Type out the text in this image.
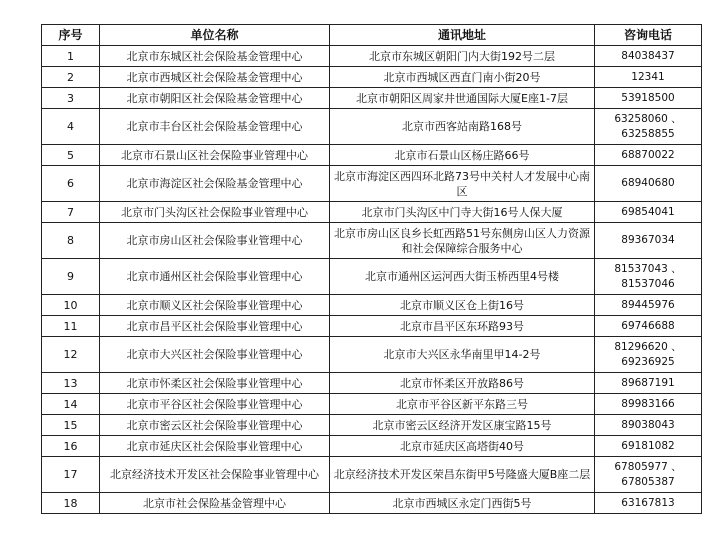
序号	单位名称	通讯地址	咨询电话
1	北京市东城区社会保险基金管理中心	北京市东城区朝阳门内大街192号二层	84038437

2	北京市西城区社会保险基金管理中心	北京市西城区西直门南小街20号	12341

3	北京市朝阳区社会保险基金管理中心	北京市朝阳区周家井世通国际大厦E座1-7层	53918500

4	北京市丰台区社会保险基金管理中心	北京市西客站南路168号	63258060 、
63258855

5	北京市石景山区社会保险事业管理中心	北京市石景山区杨庄路66号	68870022

6	北京市海淀区社会保险基金管理中心	北京市海淀区西四环北路73号中关村人才发展中心南区	68940680

7	北京市门头沟区社会保险事业管理中心	北京市门头沟区中门寺大街16号人保大厦	69854041

8	北京市房山区社会保险事业管理中心	北京市房山区良乡长虹西路51号东侧房山区人力资源和社会保障综合服务中心	89367034

9	北京市通州区社会保险事业管理中心	北京市通州区运河西大街玉桥西里4号楼	81537043 、
81537046

10	北京市顺义区社会保险事业管理中心	北京市顺义区仓上街16号	89445976

11	北京市昌平区社会保险事业管理中心	北京市昌平区东环路93号	69746688

12	北京市大兴区社会保险事业管理中心	北京市大兴区永华南里甲14-2号	81296620 、
69236925

13	北京市怀柔区社会保险事业管理中心	北京市怀柔区开放路86号	89687191

14	北京市平谷区社会保险事业管理中心	北京市平谷区新平东路三号	89983166

15	北京市密云区社会保险事业管理中心	北京市密云区经济开发区康宝路15号	89038043

16	北京市延庆区社会保险事业管理中心	北京市延庆区高塔街40号	69181082

17	北京经济技术开发区社会保险事业管理中心	北京经济技术开发区荣昌东街甲5号隆盛大厦B座二层	67805977 、
67805387

18	北京市社会保险基金管理中心	北京市西城区永定门西街5号	63167813
